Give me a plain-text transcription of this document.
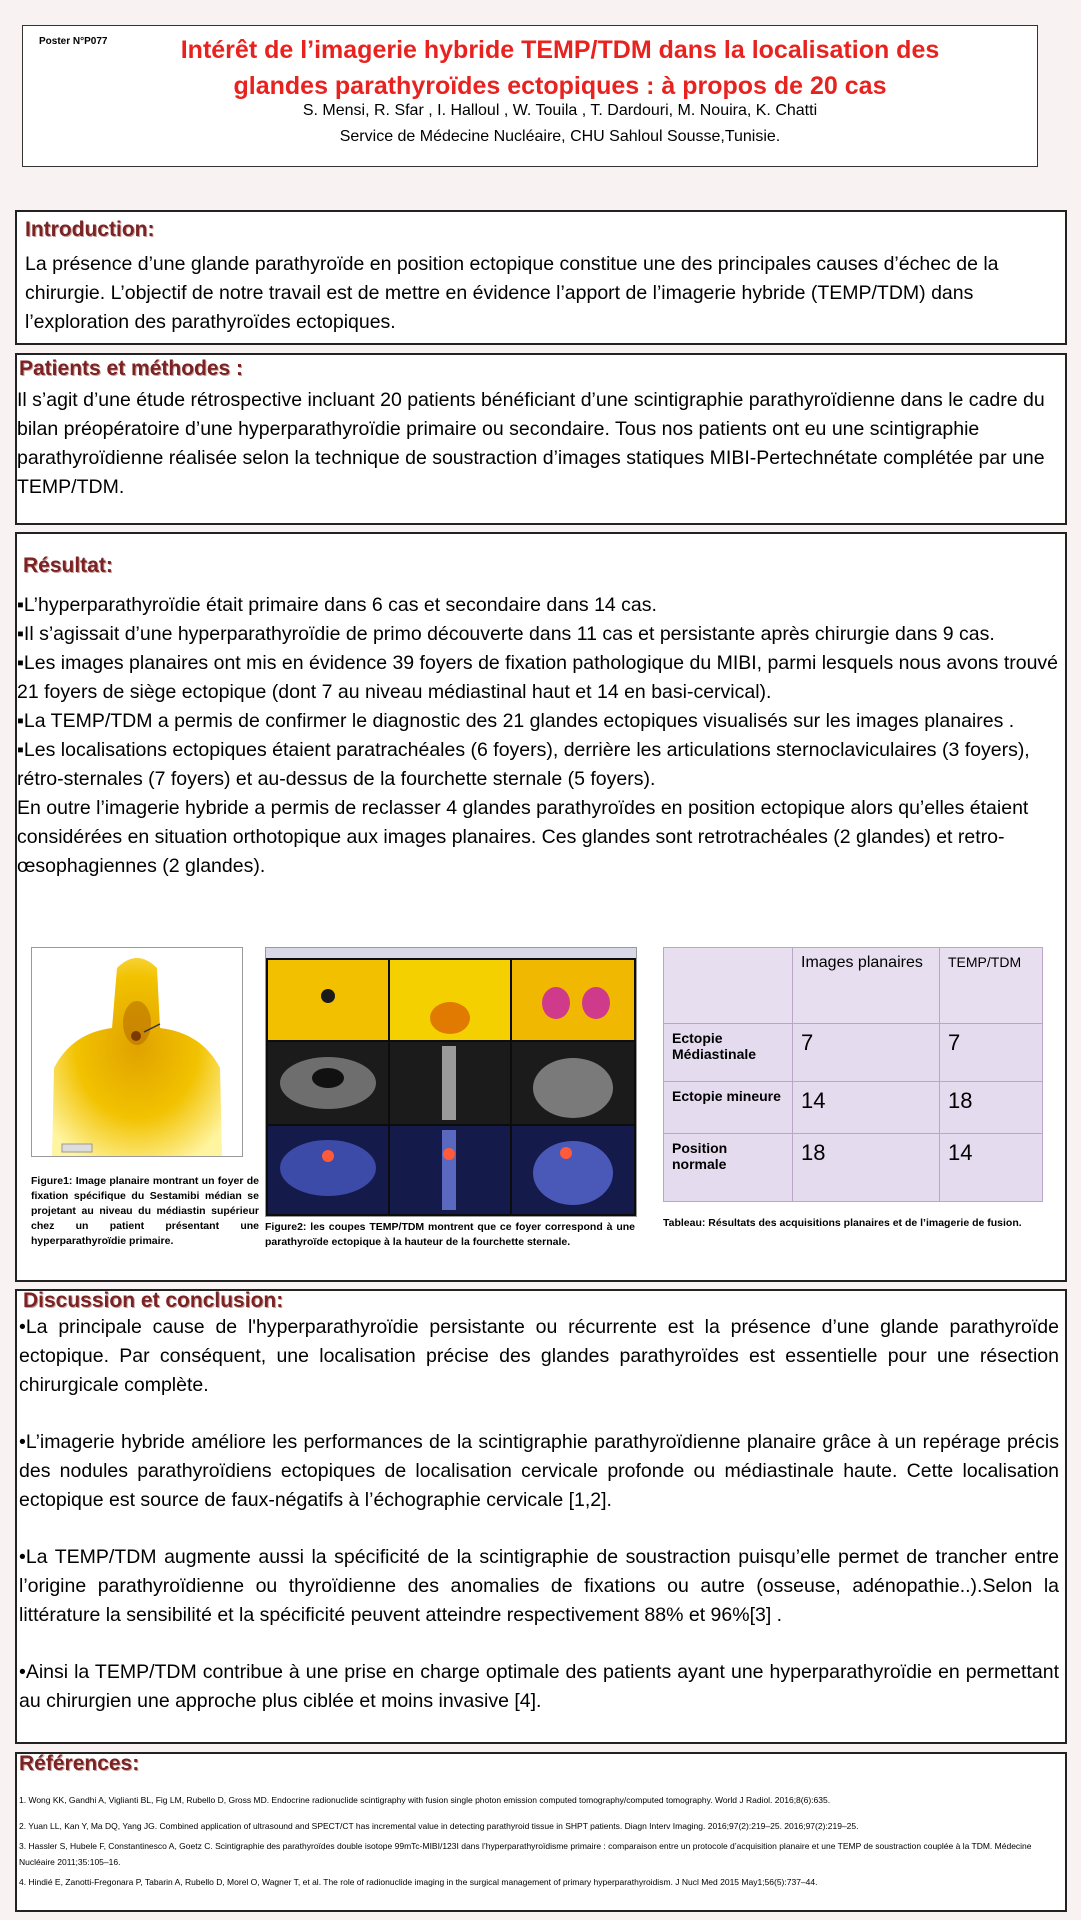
Poster N°P077	Intérêt de l’imagerie hybride TEMP/TDM dans la localisation des
glandes parathyroïdes ectopiques : à propos de 20 cas
S. Mensi, R. Sfar , I. Halloul , W. Touila , T. Dardouri, M. Nouira, K. Chatti
Service de Médecine Nucléaire, CHU Sahloul Sousse,Tunisie.
Introduction:
La présence d’une glande parathyroïde en position ectopique constitue une des principales causes d’échec de la chirurgie. L’objectif de notre travail est de mettre en évidence l’apport de l’imagerie hybride (TEMP/TDM) dans l’exploration des parathyroïdes ectopiques.
Patients et méthodes :
Il s’agit d’une étude rétrospective incluant 20 patients bénéficiant d’une scintigraphie parathyroïdienne dans le cadre du bilan préopératoire d’une hyperparathyroïdie primaire ou secondaire. Tous nos patients ont eu une scintigraphie parathyroïdienne réalisée selon la technique de soustraction d’images statiques MIBI-Pertechnétate complétée par une TEMP/TDM.
Résultat:
▪L’hyperparathyroïdie était primaire dans 6 cas et secondaire dans 14 cas.
▪Il s’agissait d’une hyperparathyroïdie de primo découverte dans 11 cas et persistante après chirurgie dans 9 cas.
▪Les images planaires ont mis en évidence 39 foyers de fixation pathologique du MIBI, parmi lesquels nous avons trouvé 21 foyers de siège ectopique (dont 7 au niveau médiastinal haut et 14 en basi-cervical).
▪La TEMP/TDM a permis de confirmer le diagnostic des 21 glandes ectopiques visualisés sur les images planaires .
▪Les localisations ectopiques étaient paratrachéales (6 foyers), derrière les articulations sternoclaviculaires (3 foyers), rétro-sternales (7 foyers) et au-dessus de la fourchette sternale (5 foyers).
En outre l’imagerie hybride a permis de reclasser 4 glandes parathyroïdes en position ectopique alors qu’elles étaient considérées en situation orthotopique aux images planaires. Ces glandes sont retrotrachéales (2 glandes) et retro-œsophagiennes (2 glandes).
Figure1: Image planaire montrant un foyer de fixation spécifique du Sestamibi médian se projetant au niveau du médiastin supérieur chez un patient présentant une hyperparathyroïdie primaire.
Figure2: les coupes TEMP/TDM montrent que ce foyer correspond à une parathyroïde ectopique à la hauteur de la fourchette sternale.
	Images planaires	TEMP/TDM
Ectopie Médiastinale	7	7
Ectopie mineure	14	18
Position normale	18	14
Tableau: Résultats des acquisitions planaires et de l’imagerie de fusion.
Discussion et conclusion:

•La principale cause de l'hyperparathyroïdie persistante ou récurrente est la présence d’une glande parathyroïde ectopique. Par conséquent, une localisation précise des glandes parathyroïdes est essentielle pour une résection chirurgicale complète.

•L’imagerie hybride améliore les performances de la scintigraphie parathyroïdienne planaire grâce à un repérage précis des nodules parathyroïdiens ectopiques de localisation cervicale profonde ou médiastinale haute. Cette localisation ectopique est source de faux-négatifs à l’échographie cervicale [1,2].

•La TEMP/TDM augmente aussi la spécificité de la scintigraphie de soustraction puisqu’elle permet de trancher entre l’origine parathyroïdienne ou thyroïdienne des anomalies de fixations ou autre (osseuse, adénopathie..).Selon la littérature la sensibilité et la spécificité peuvent atteindre respectivement 88% et 96%[3] .

•Ainsi la TEMP/TDM contribue à une prise en charge optimale des patients ayant une hyperparathyroïdie en permettant au chirurgien une approche plus ciblée et moins invasive [4].

Références:
1. Wong KK, Gandhi A, Viglianti BL, Fig LM, Rubello D, Gross MD. Endocrine radionuclide scintigraphy with fusion single photon emission computed tomography/computed tomography. World J Radiol. 2016;8(6):635.
2. Yuan LL, Kan Y, Ma DQ, Yang JG. Combined application of ultrasound and SPECT/CT has incremental value in detecting parathyroid tissue in SHPT patients. Diagn Interv Imaging. 2016;97(2):219–25. 2016;97(2):219–25.
3. Hassler S, Hubele F, Constantinesco A, Goetz C. Scintigraphie des parathyroïdes double isotope 99mTc-MIBI/123I dans l’hyperparathyroïdisme primaire : comparaison entre un protocole d’acquisition planaire et une TEMP de soustraction couplée à la TDM. Médecine Nucléaire 2011;35:105–16.
4. Hindié E, Zanotti-Fregonara P, Tabarin A, Rubello D, Morel O, Wagner T, et al. The role of radionuclide imaging in the surgical management of primary hyperparathyroidism. J Nucl Med 2015 May1;56(5):737–44.
